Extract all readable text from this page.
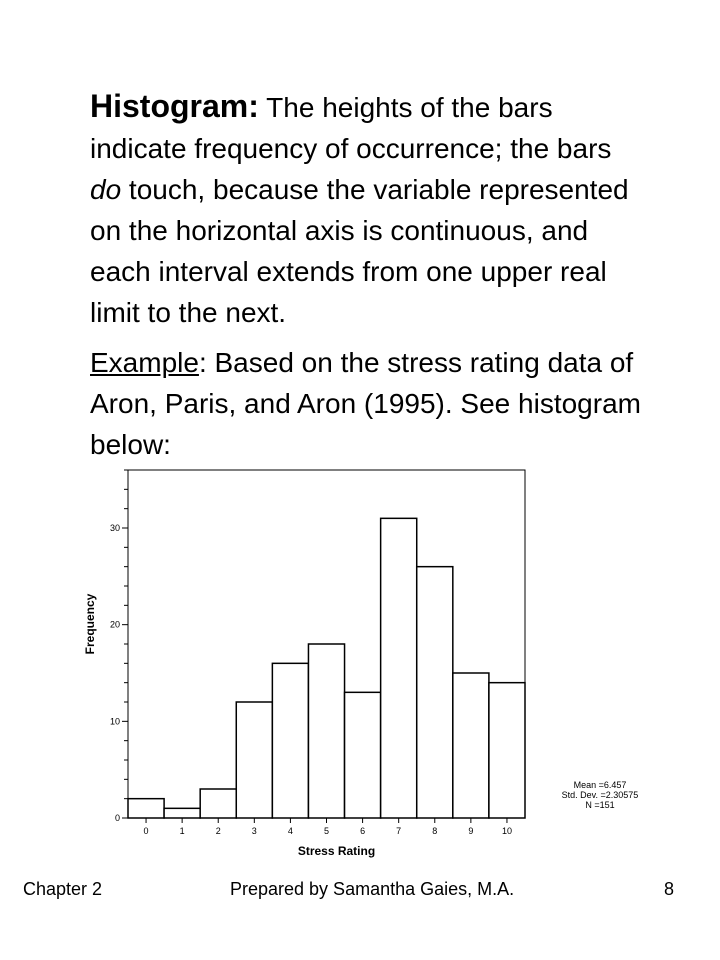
Histogram: The heights of the bars indicate frequency of occurrence; the bars do touch, because the variable represented on the horizontal axis is continuous, and each interval extends from one upper real limit to the next.

Example: Based on the stress rating data of Aron, Paris, and Aron (1995). See histogram below:

0
10
20
30
Frequency
0	1	2	3	4	5	6	7	8	9	10
Stress Rating
Mean =6.457
Std. Dev. =2.30575
N =151
Chapter 2	Prepared by Samantha Gaies, M.A.	8
